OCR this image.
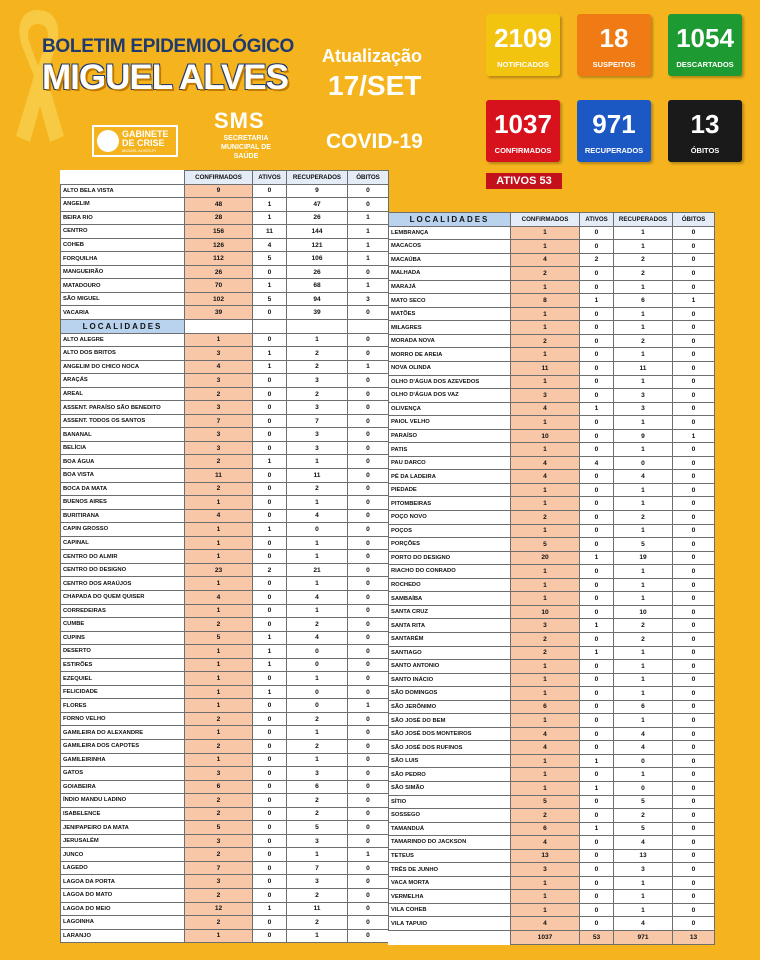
BOLETIM EPIDEMIOLÓGICO
MIGUEL ALVES
Atualização
17/SET
COVID-19
GABINETE DE CRISE
MIGUEL ALVES-PI
SMS
SECRETARIA MUNICIPAL DE SAÚDE
2109
NOTIFICADOS
18
SUSPEITOS
1054
DESCARTADOS
1037
CONFIRMADOS
971
RECUPERADOS
13
ÓBITOS
ATIVOS 53
	CONFIRMADOS	ATIVOS	RECUPERADOS	ÓBITOS
ALTO BELA VISTA	9	0	9	0
ANGELIM	48	1	47	0
BEIRA RIO	28	1	26	1
CENTRO	156	11	144	1
COHEB	126	4	121	1
FORQUILHA	112	5	106	1
MANGUEIRÃO	26	0	26	0
MATADOURO	70	1	68	1
SÃO MIGUEL	102	5	94	3
VACARIA	39	0	39	0
LOCALIDADES				
ALTO ALEGRE	1	0	1	0
ALTO DOS BRITOS	3	1	2	0
ANGELIM DO CHICO NOCA	4	1	2	1
ARAÇÁS	3	0	3	0
AREAL	2	0	2	0
ASSENT. PARAÍSO SÃO BENEDITO	3	0	3	0
ASSENT. TODOS OS SANTOS	7	0	7	0
BANANAL	3	0	3	0
BELÍCIA	3	0	3	0
BOA ÁGUA	2	1	1	0
BOA VISTA	11	0	11	0
BOCA DA MATA	2	0	2	0
BUENOS AIRES	1	0	1	0
BURITIRANA	4	0	4	0
CAPIN GROSSO	1	1	0	0
CAPINAL	1	0	1	0
CENTRO DO ALMIR	1	0	1	0
CENTRO DO DESIGNO	23	2	21	0
CENTRO DOS ARAÚJOS	1	0	1	0
CHAPADA DO QUEM QUISER	4	0	4	0
CORREDEIRAS	1	0	1	0
CUMBE	2	0	2	0
CUPINS	5	1	4	0
DESERTO	1	1	0	0
ESTIRÕES	1	1	0	0
EZEQUIEL	1	0	1	0
FELICIDADE	1	1	0	0
FLORES	1	0	0	1
FORNO VELHO	2	0	2	0
GAMILEIRA DO ALEXANDRE	1	0	1	0
GAMILEIRA DOS CAPOTES	2	0	2	0
GAMILEIRINHA	1	0	1	0
GATOS	3	0	3	0
GOIABEIRA	6	0	6	0
ÍNDIO MANDU LADINO	2	0	2	0
ISABELENCE	2	0	2	0
JENIPAPEIRO DA MATA	5	0	5	0
JERUSALÉM	3	0	3	0
JUNCO	2	0	1	1
LAGEDO	7	0	7	0
LAGOA DA PORTA	3	0	3	0
LAGOA DO MATO	2	0	2	0
LAGOA DO MEIO	12	1	11	0
LAGOINHA	2	0	2	0
LARANJO	1	0	1	0
LOCALIDADES	CONFIRMADOS	ATIVOS	RECUPERADOS	ÓBITOS
LEMBRANÇA	1	0	1	0
MACACOS	1	0	1	0
MACAÚBA	4	2	2	0
MALHADA	2	0	2	0
MARAJÁ	1	0	1	0
MATO SECO	8	1	6	1
MATÕES	1	0	1	0
MILAGRES	1	0	1	0
MORADA NOVA	2	0	2	0
MORRO DE AREIA	1	0	1	0
NOVA OLINDA	11	0	11	0
OLHO D'ÁGUA DOS AZEVEDOS	1	0	1	0
OLHO D'ÁGUA DOS VAZ	3	0	3	0
OLIVENÇA	4	1	3	0
PAIOL VELHO	1	0	1	0
PARAÍSO	10	0	9	1
PATIS	1	0	1	0
PAU DARCO	4	4	0	0
PÉ DA LADEIRA	4	0	4	0
PIEDADE	1	0	1	0
PITOMBEIRAS	1	0	1	0
POÇO NOVO	2	0	2	0
POÇOS	1	0	1	0
PORÇÕES	5	0	5	0
PORTO DO DESIGNO	20	1	19	0
RIACHO DO CONRADO	1	0	1	0
ROCHEDO	1	0	1	0
SAMBAÍBA	1	0	1	0
SANTA CRUZ	10	0	10	0
SANTA RITA	3	1	2	0
SANTARÉM	2	0	2	0
SANTIAGO	2	1	1	0
SANTO ANTONIO	1	0	1	0
SANTO INÁCIO	1	0	1	0
SÃO DOMINGOS	1	0	1	0
SÃO JERÔNIMO	6	0	6	0
SÃO JOSÉ DO BEM	1	0	1	0
SÃO JOSÉ DOS MONTEIROS	4	0	4	0
SÃO JOSÉ DOS RUFINOS	4	0	4	0
SÃO LUIS	1	1	0	0
SÃO PEDRO	1	0	1	0
SÃO SIMÃO	1	1	0	0
SÍTIO	5	0	5	0
SOSSEGO	2	0	2	0
TAMANDUÁ	6	1	5	0
TAMARINDO DO JACKSON	4	0	4	0
TETEUS	13	0	13	0
TRÊS DE JUNHO	3	0	3	0
VACA MORTA	1	0	1	0
VERMELHA	1	0	1	0
VILA COHEB	1	0	1	0
VILA TAPUIO	4	0	4	0
	1037	53	971	13
